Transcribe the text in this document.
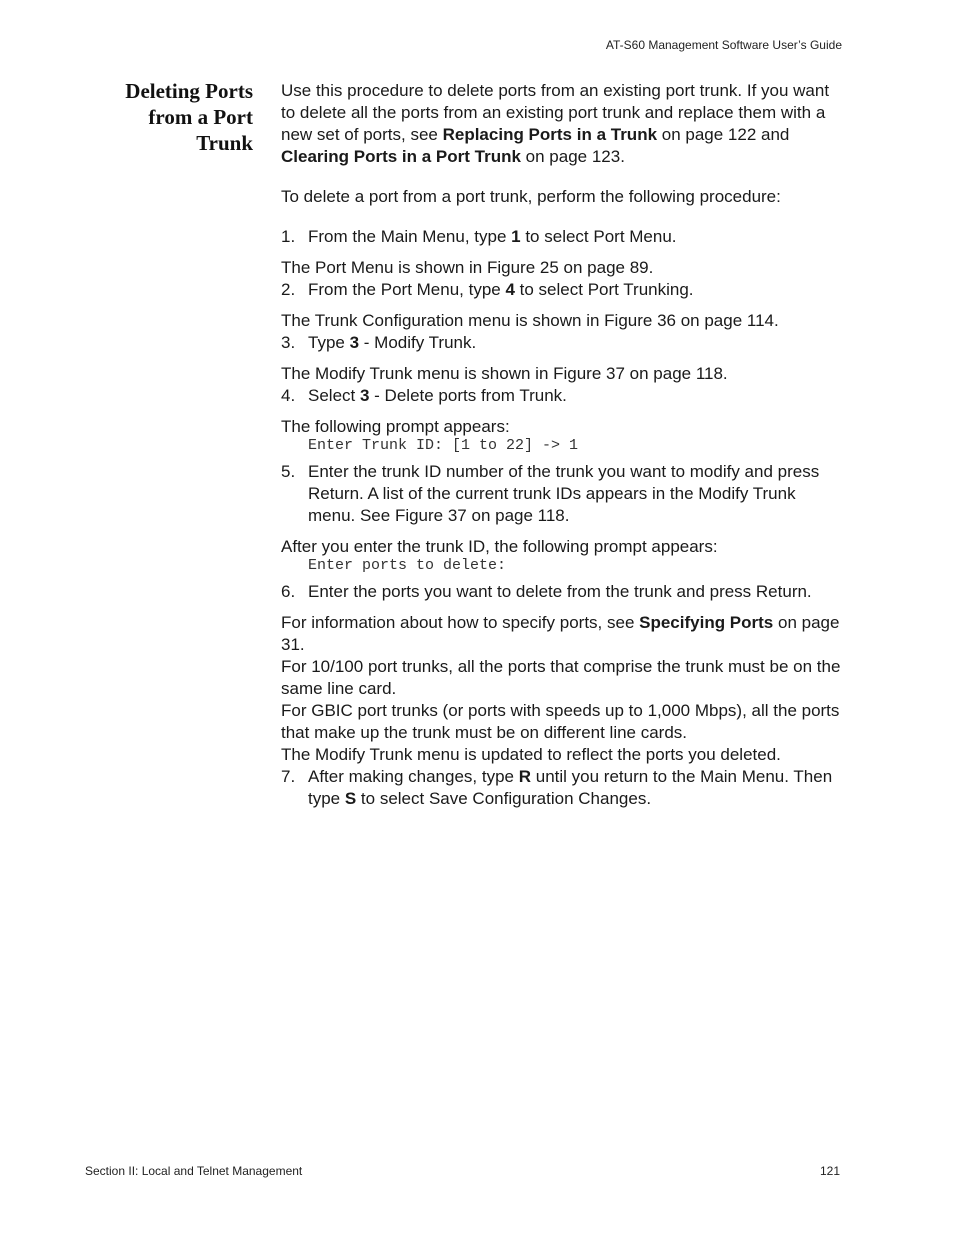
AT-S60 Management Software User’s Guide
Deleting Ports
from a Port
Trunk

Use this procedure to delete ports from an existing port trunk. If you want to delete all the ports from an existing port trunk and replace them with a new set of ports, see Replacing Ports in a Trunk on page 122 and Clearing Ports in a Port Trunk on page 123.

To delete a port from a port trunk, perform the following procedure:

1. From the Main Menu, type 1 to select Port Menu.

The Port Menu is shown in Figure 25 on page 89.

2. From the Port Menu, type 4 to select Port Trunking.

The Trunk Configuration menu is shown in Figure 36 on page 114.

3. Type 3 - Modify Trunk.

The Modify Trunk menu is shown in Figure 37 on page 118.

4. Select 3 - Delete ports from Trunk.

The following prompt appears:

Enter Trunk ID: [1 to 22] -> 1
5. Enter the trunk ID number of the trunk you want to modify and press Return. A list of the current trunk IDs appears in the Modify Trunk menu. See Figure 37 on page 118.

After you enter the trunk ID, the following prompt appears:

Enter ports to delete:
6. Enter the ports you want to delete from the trunk and press Return.

For information about how to specify ports, see Specifying Ports on page 31.

For 10/100 port trunks, all the ports that comprise the trunk must be on the same line card.

For GBIC port trunks (or ports with speeds up to 1,000 Mbps), all the ports that make up the trunk must be on different line cards.

The Modify Trunk menu is updated to reflect the ports you deleted.

7. After making changes, type R until you return to the Main Menu. Then type S to select Save Configuration Changes.
Section II: Local and Telnet Management	121
